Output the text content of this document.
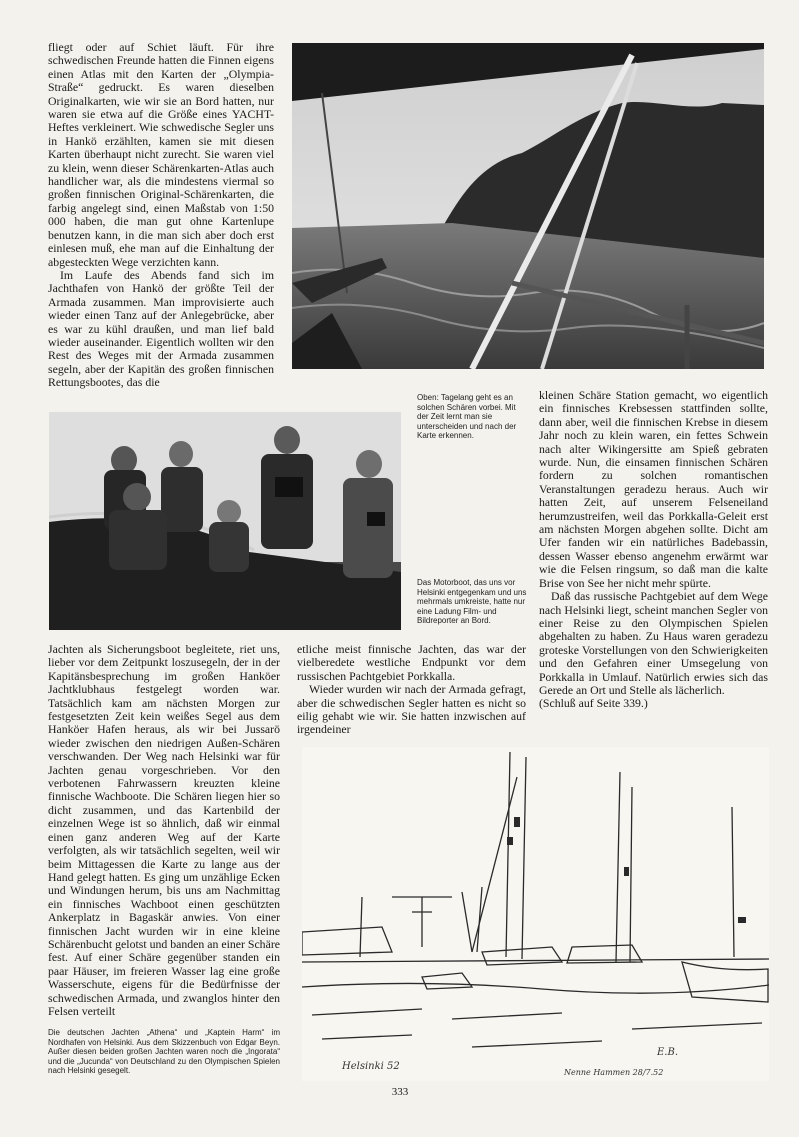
fliegt oder auf Schiet läuft. Für ihre schwedischen Freunde hatten die Finnen eigens einen Atlas mit den Karten der „Olympia-Straße“ gedruckt. Es waren dieselben Originalkarten, wie wir sie an Bord hatten, nur waren sie etwa auf die Größe eines YACHT-Heftes verkleinert. Wie schwedische Segler uns in Hankö erzählten, kamen sie mit diesen Karten überhaupt nicht zurecht. Sie waren viel zu klein, wenn dieser Schärenkarten-Atlas auch handlicher war, als die mindestens viermal so großen finnischen Original-Schärenkarten, die farbig angelegt sind, einen Maßstab von 1:50 000 haben, die man gut ohne Kartenlupe benutzen kann, in die man sich aber doch erst einlesen muß, ehe man auf die Einhaltung der abgesteckten Wege verzichten kann.

Im Laufe des Abends fand sich im Jachthafen von Hankö der größte Teil der Armada zusammen. Man improvisierte auch wieder einen Tanz auf der Anlegebrücke, aber es war zu kühl draußen, und man lief bald wieder auseinander. Eigentlich wollten wir den Rest des Weges mit der Armada zusammen segeln, aber der Kapitän des großen finnischen Rettungsbootes, das die

Oben: Tagelang geht es an solchen Schären vorbei. Mit der Zeit lernt man sie unterscheiden und nach der Karte erkennen.
Das Motorboot, das uns vor Helsinki entgegenkam und uns mehrmals umkreiste, hatte nur eine Ladung Film- und Bildreporter an Bord.

kleinen Schäre Station gemacht, wo eigentlich ein finnisches Krebsessen stattfinden sollte, dann aber, weil die finnischen Krebse in diesem Jahr noch zu klein waren, ein fettes Schwein nach alter Wikingersitte am Spieß gebraten wurde. Nun, die einsamen finnischen Schären fordern zu solchen romantischen Veranstaltungen geradezu heraus. Auch wir hatten Zeit, auf unserem Felseneiland herumzustreifen, weil das Porkkalla-Geleit erst am nächsten Morgen abgehen sollte. Dicht am Ufer fanden wir ein natürliches Badebassin, dessen Wasser ebenso angenehm erwärmt war wie die Felsen ringsum, so daß man die kalte Brise von See her nicht mehr spürte.

Daß das russische Pachtgebiet auf dem Wege nach Helsinki liegt, scheint manchen Segler von einer Reise zu den Olympischen Spielen abgehalten zu haben. Zu Haus waren geradezu groteske Vorstellungen von den Schwierigkeiten und den Gefahren einer Umsegelung von Porkkalla in Umlauf. Natürlich erwies sich das Gerede an Ort und Stelle als lächerlich.

(Schluß auf Seite 339.)

Jachten als Sicherungsboot begleitete, riet uns, lieber vor dem Zeitpunkt loszusegeln, der in der Kapitänsbesprechung im großen Hanköer Jachtklubhaus festgelegt worden war. Tatsächlich kam am nächsten Morgen zur festgesetzten Zeit kein weißes Segel aus dem Hanköer Hafen heraus, als wir bei Jussarö wieder zwischen den niedrigen Außen-Schären verschwanden. Der Weg nach Helsinki war für Jachten genau vorgeschrieben. Vor den verbotenen Fahrwassern kreuzten kleine finnische Wachboote. Die Schären liegen hier so dicht zusammen, und das Kartenbild der einzelnen Wege ist so ähnlich, daß wir einmal einen ganz anderen Weg auf der Karte verfolgten, als wir tatsächlich segelten, weil wir beim Mittagessen die Karte zu lange aus der Hand gelegt hatten. Es ging um unzählige Ecken und Windungen herum, bis uns am Nachmittag ein finnisches Wachboot einen geschützten Ankerplatz in Bagaskär anwies. Von einer finnischen Jacht wurden wir in eine kleine Schärenbucht gelotst und banden an einer Schäre fest. Auf einer Schäre gegenüber standen ein paar Häuser, im freieren Wasser lag eine große Wasserschute, eigens für die Bedürfnisse der schwedischen Armada, und zwanglos hinter den Felsen verteilt

etliche meist finnische Jachten, das war der vielberedete westliche Endpunkt vor dem russischen Pachtgebiet Porkkalla.

Wieder wurden wir nach der Armada gefragt, aber die schwedischen Segler hatten es nicht so eilig gehabt wie wir. Sie hatten inzwischen auf irgendeiner

Helsinki 52
E.B.
Nenne Hammen 28/7.52
Die deutschen Jachten „Athena“ und „Kaptein Harm“ im Nordhafen von Helsinki. Aus dem Skizzenbuch von Edgar Beyn. Außer diesen beiden großen Jachten waren noch die „Ingorata“ und die „Jucunda“ von Deutschland zu den Olympischen Spielen nach Helsinki gesegelt.
333
